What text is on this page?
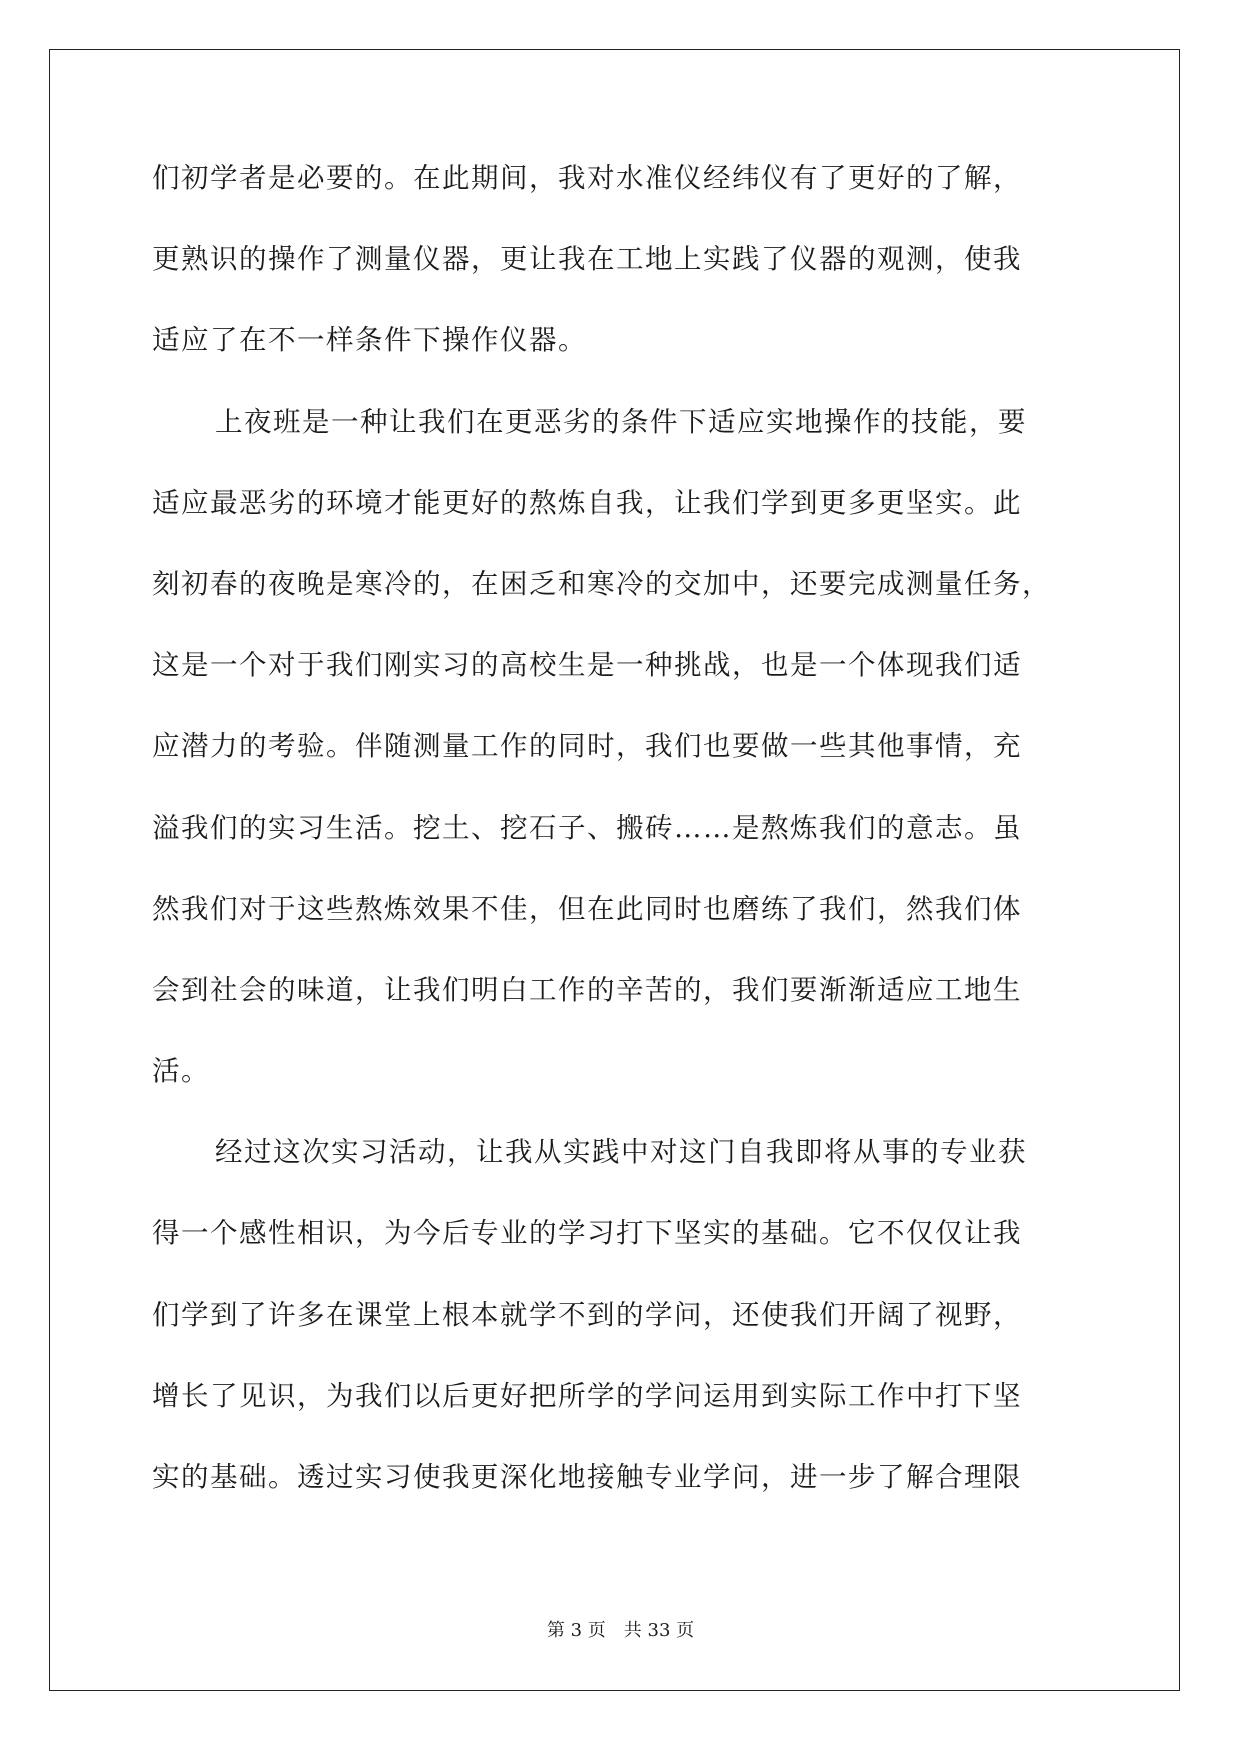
们初学者是必要的。在此期间，我对水准仪经纬仪有了更好的了解，
更熟识的操作了测量仪器，更让我在工地上实践了仪器的观测，使我
适应了在不一样条件下操作仪器。
上夜班是一种让我们在更恶劣的条件下适应实地操作的技能，要
适应最恶劣的环境才能更好的熬炼自我，让我们学到更多更坚实。此
刻初春的夜晚是寒冷的，在困乏和寒冷的交加中，还要完成测量任务，
这是一个对于我们刚实习的高校生是一种挑战，也是一个体现我们适
应潜力的考验。伴随测量工作的同时，我们也要做一些其他事情，充
溢我们的实习生活。挖土、挖石子、搬砖……是熬炼我们的意志。虽
然我们对于这些熬炼效果不佳，但在此同时也磨练了我们，然我们体
会到社会的味道，让我们明白工作的辛苦的，我们要渐渐适应工地生
活。
经过这次实习活动，让我从实践中对这门自我即将从事的专业获
得一个感性相识，为今后专业的学习打下坚实的基础。它不仅仅让我
们学到了许多在课堂上根本就学不到的学问，还使我们开阔了视野，
增长了见识，为我们以后更好把所学的学问运用到实际工作中打下坚
实的基础。透过实习使我更深化地接触专业学问，进一步了解合理限
第 3 页 共 33 页
